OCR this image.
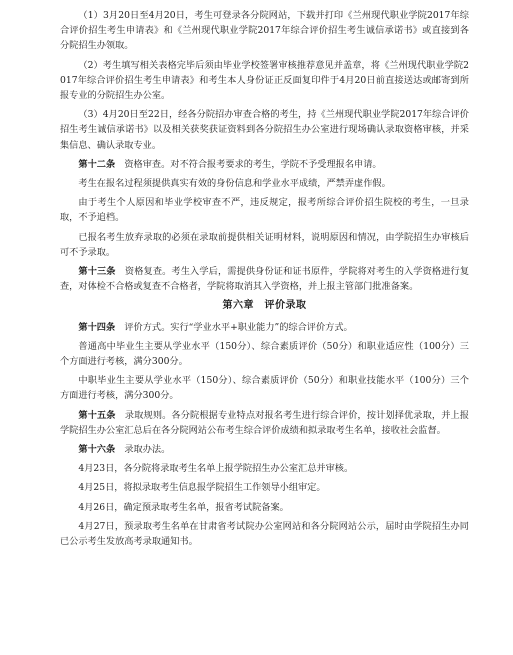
（1）3月20日至4月20日，考生可登录各分院网站，下载并打印《兰州现代职业学院2017年综合评价招生考生申请表》和《兰州现代职业学院2017年综合评价招生考生诚信承诺书》或直接到各分院招生办领取。

（2）考生填写相关表格完毕后须由毕业学校签署审核推荐意见并盖章，将《兰州现代职业学院2017年综合评价招生考生申请表》和考生本人身份证正反面复印件于4月20日前直接送达或邮寄到所报专业的分院招生办公室。

（3）4月20日至22日，经各分院招办审查合格的考生，持《兰州现代职业学院2017年综合评价招生考生诚信承诺书》以及相关获奖获证资料到各分院招生办公室进行现场确认录取资格审核，并采集信息、确认录取专业。

第十二条　 资格审查。对不符合报考要求的考生，学院不予受理报名申请。

考生在报名过程须提供真实有效的身份信息和学业水平成绩，严禁弄虚作假。

由于考生个人原因和毕业学校审查不严，违反规定，报考所综合评价招生院校的考生，一旦录取，不予追档。

已报名考生放弃录取的必须在录取前提供相关证明材料，说明原因和情况，由学院招生办审核后可不予录取。

第十三条　 资格复查。考生入学后，需提供身份证和证书原件，学院将对考生的入学资格进行复查，对体检不合格或复查不合格者，学院将取消其入学资格，并上报主管部门批准备案。

第六章　评价录取

第十四条　 评价方式。实行“学业水平+职业能力”的综合评价方式。

普通高中毕业生主要从学业水平（150分）、综合素质评价（50分）和职业适应性（100分）三个方面进行考核，满分300分。

中职毕业生主要从学业水平（150分）、综合素质评价（50分）和职业技能水平（100分）三个方面进行考核，满分300分。

第十五条　 录取规则。各分院根据专业特点对报名考生进行综合评价，按计划择优录取，并上报学院招生办公室汇总后在各分院网站公布考生综合评价成绩和拟录取考生名单，接收社会监督。

第十六条　 录取办法。

4月23日，各分院将录取考生名单上报学院招生办公室汇总并审核。

4月25日，将拟录取考生信息报学院招生工作领导小组审定。

4月26日，确定预录取考生名单，报省考试院备案。

4月27日，预录取考生名单在甘肃省考试院办公室网站和各分院网站公示，届时由学院招生办同已公示考生发放高考录取通知书。
